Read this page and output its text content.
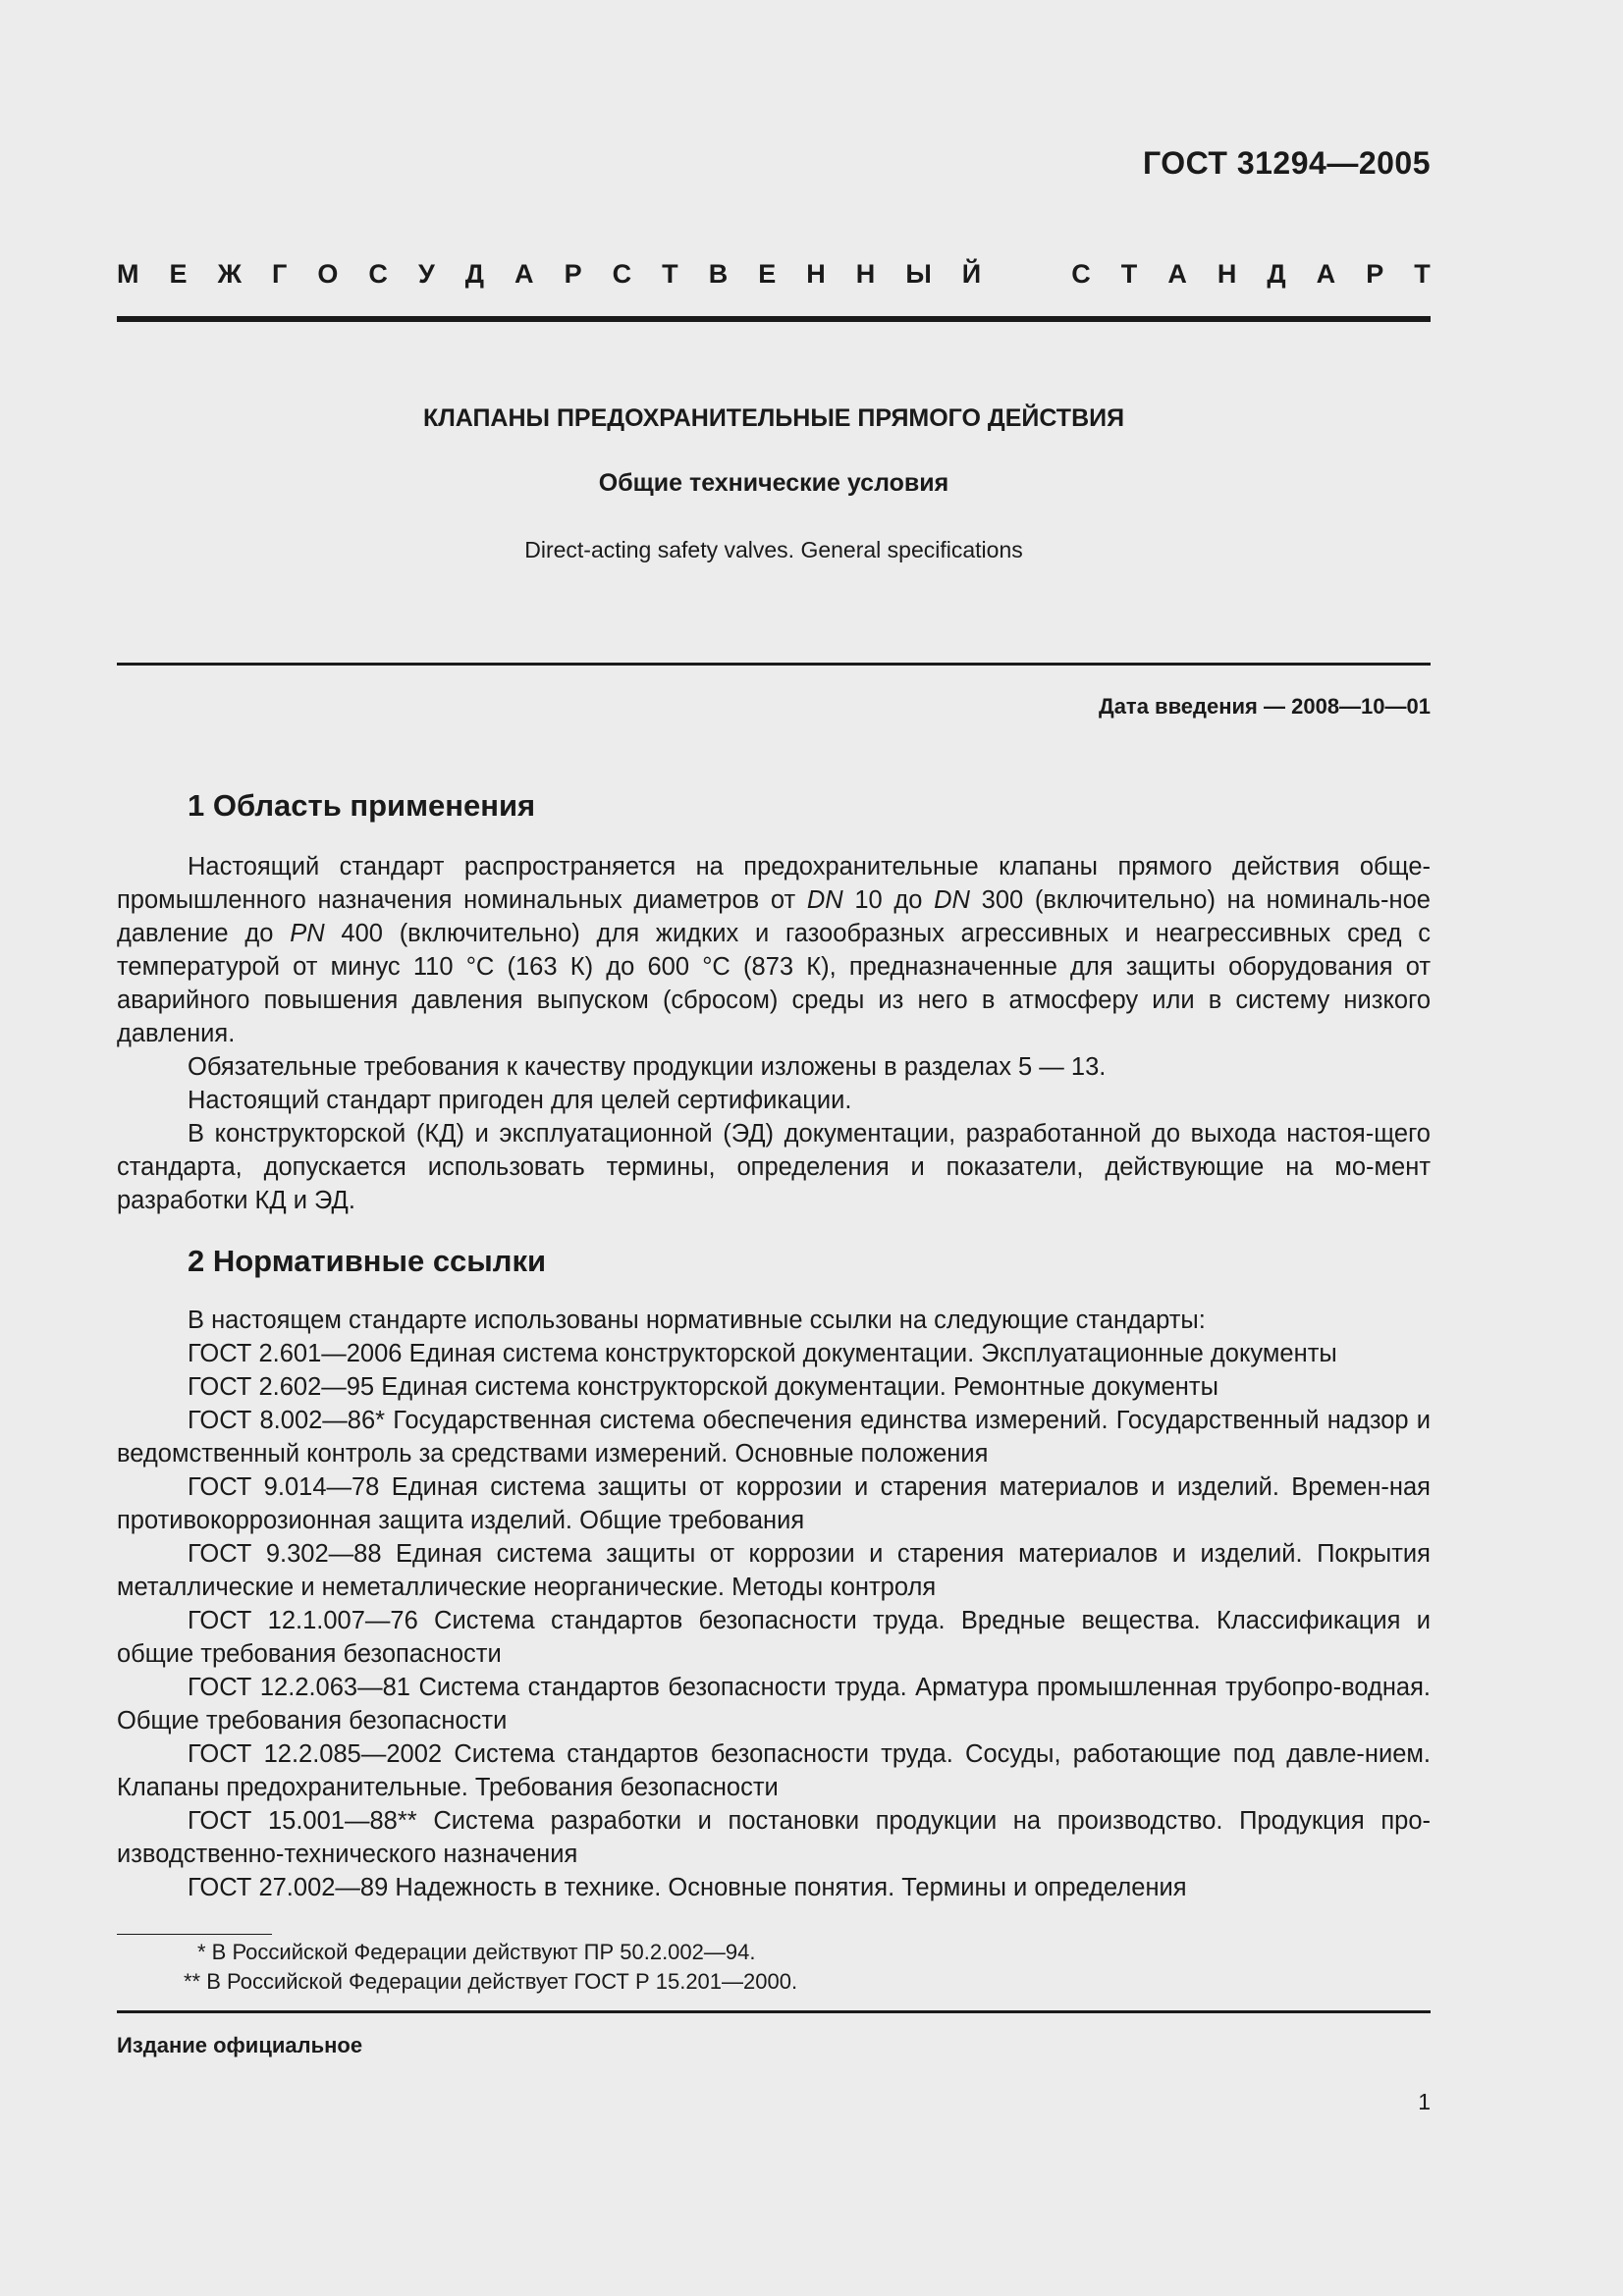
ГОСТ 31294—2005
М Е Ж Г О С У Д А Р С Т В Е Н Н Ы Й	С Т А Н Д А Р Т
КЛАПАНЫ ПРЕДОХРАНИТЕЛЬНЫЕ ПРЯМОГО ДЕЙСТВИЯ
Общие технические условия
Direct-acting safety valves. General specifications
Дата введения — 2008—10—01
1 Область применения

Настоящий стандарт распространяется на предохранительные клапаны прямого действия обще-промышленного назначения номинальных диаметров от DN 10 до DN 300 (включительно) на номиналь-ное давление до PN 400 (включительно) для жидких и газообразных агрессивных и неагрессивных сред с температурой от минус 110 °С (163 К) до 600 °С (873 К), предназначенные для защиты оборудования от аварийного повышения давления выпуском (сбросом) среды из него в атмосферу или в систему низкого давления.

Обязательные требования к качеству продукции изложены в разделах 5 — 13.

Настоящий стандарт пригоден для целей сертификации.

В конструкторской (КД) и эксплуатационной (ЭД) документации, разработанной до выхода настоя-щего стандарта, допускается использовать термины, определения и показатели, действующие на мо-мент разработки КД и ЭД.

2 Нормативные ссылки

В настоящем стандарте использованы нормативные ссылки на следующие стандарты:

ГОСТ 2.601—2006 Единая система конструкторской документации. Эксплуатационные документы

ГОСТ 2.602—95 Единая система конструкторской документации. Ремонтные документы

ГОСТ 8.002—86* Государственная система обеспечения единства измерений. Государственный надзор и ведомственный контроль за средствами измерений. Основные положения

ГОСТ 9.014—78 Единая система защиты от коррозии и старения материалов и изделий. Времен-ная противокоррозионная защита изделий. Общие требования

ГОСТ 9.302—88 Единая система защиты от коррозии и старения материалов и изделий. Покрытия металлические и неметаллические неорганические. Методы контроля

ГОСТ 12.1.007—76 Система стандартов безопасности труда. Вредные вещества. Классификация и общие требования безопасности

ГОСТ 12.2.063—81 Система стандартов безопасности труда. Арматура промышленная трубопро-водная. Общие требования безопасности

ГОСТ 12.2.085—2002 Система стандартов безопасности труда. Сосуды, работающие под давле-нием. Клапаны предохранительные. Требования безопасности

ГОСТ 15.001—88** Система разработки и постановки продукции на производство. Продукция про-изводственно-технического назначения

ГОСТ 27.002—89 Надежность в технике. Основные понятия. Термины и определения

* В Российской Федерации действуют ПР 50.2.002—94.

** В Российской Федерации действует ГОСТ Р 15.201—2000.

Издание официальное
1
